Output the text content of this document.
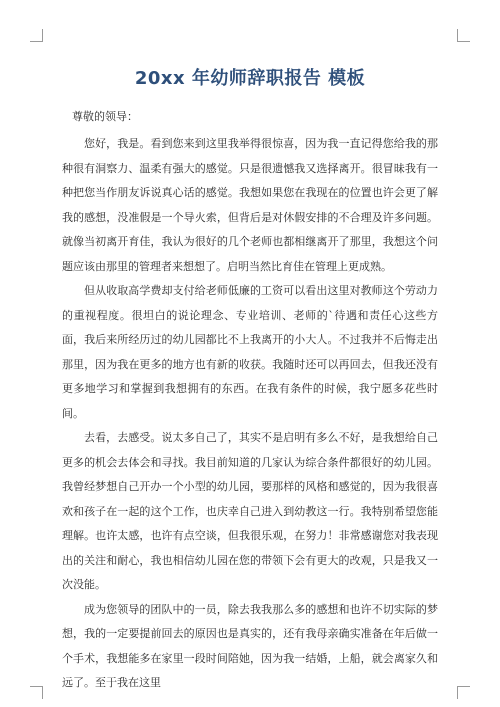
20xx 年幼师辞职报告 模板

尊敬的领导：

您好，我是。看到您来到这里我举得很惊喜，因为我一直记得您给我的那种很有洞察力、温柔有强大的感觉。只是很遗憾我又选择离开。很冒昧我有一种把您当作朋友诉说真心话的感觉。我想如果您在我现在的位置也许会更了解我的感想，没准假是一个导火索，但背后是对休假安排的不合理及许多问题。就像当初离开育佳，我认为很好的几个老师也都相继离开了那里，我想这个问题应该由那里的管理者来想想了。启明当然比育佳在管理上更成熟。

但从收取高学费却支付给老师低廉的工资可以看出这里对教师这个劳动力的重视程度。很坦白的说论理念、专业培训、老师的`待遇和责任心这些方面，我后来所经历过的幼儿园都比不上我离开的小大人。不过我并不后悔走出那里，因为我在更多的地方也有新的收获。我随时还可以再回去，但我还没有更多地学习和掌握到我想拥有的东西。在我有条件的时候，我宁愿多花些时间。

去看，去感受。说太多自己了，其实不是启明有多么不好，是我想给自己更多的机会去体会和寻找。我目前知道的几家认为综合条件都很好的幼儿园。我曾经梦想自己开办一个小型的幼儿园，要那样的风格和感觉的，因为我很喜欢和孩子在一起的这个工作，也庆幸自己进入到幼教这一行。我特别希望您能理解。也许太感，也许有点空谈，但我很乐观，在努力！非常感谢您对我表现出的关注和耐心，我也相信幼儿园在您的带领下会有更大的改观，只是我又一次没能。

成为您领导的团队中的一员，除去我我那么多的感想和也许不切实际的梦想，我的一定要提前回去的原因也是真实的，还有我母亲确实准备在年后做一个手术，我想能多在家里一段时间陪她，因为我一结婚，上船，就会离家久和远了。至于我在这里
